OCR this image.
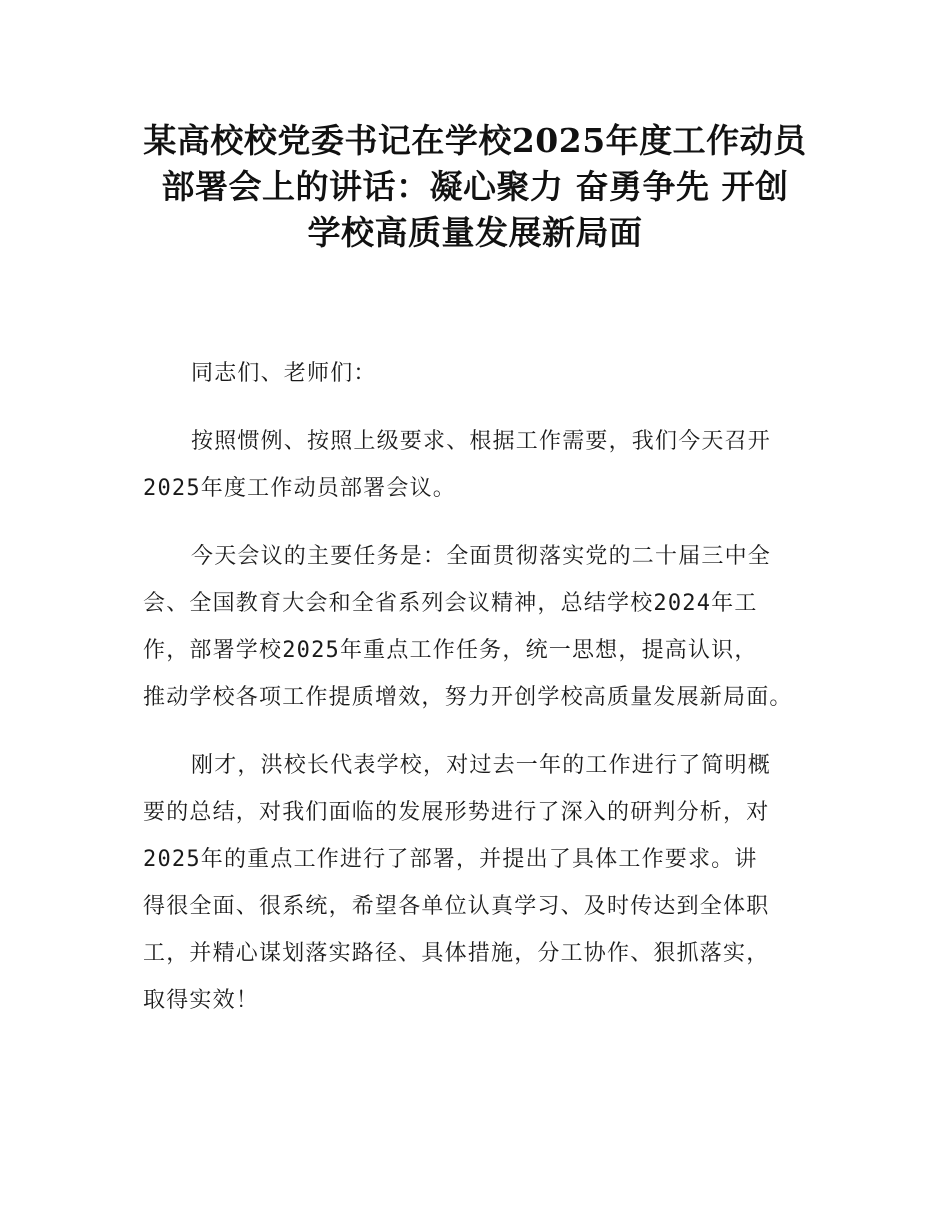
某高校校党委书记在学校2025年度工作动员
部署会上的讲话：凝心聚力 奋勇争先 开创
学校高质量发展新局面

同志们、老师们：

按照惯例、按照上级要求、根据工作需要，我们今天召开
2025年度工作动员部署会议。

今天会议的主要任务是：全面贯彻落实党的二十届三中全
会、全国教育大会和全省系列会议精神，总结学校2024年工
作，部署学校2025年重点工作任务，统一思想，提高认识，
推动学校各项工作提质增效，努力开创学校高质量发展新局面。

刚才，洪校长代表学校，对过去一年的工作进行了简明概
要的总结，对我们面临的发展形势进行了深入的研判分析，对
2025年的重点工作进行了部署，并提出了具体工作要求。讲
得很全面、很系统，希望各单位认真学习、及时传达到全体职
工，并精心谋划落实路径、具体措施，分工协作、狠抓落实，
取得实效！
